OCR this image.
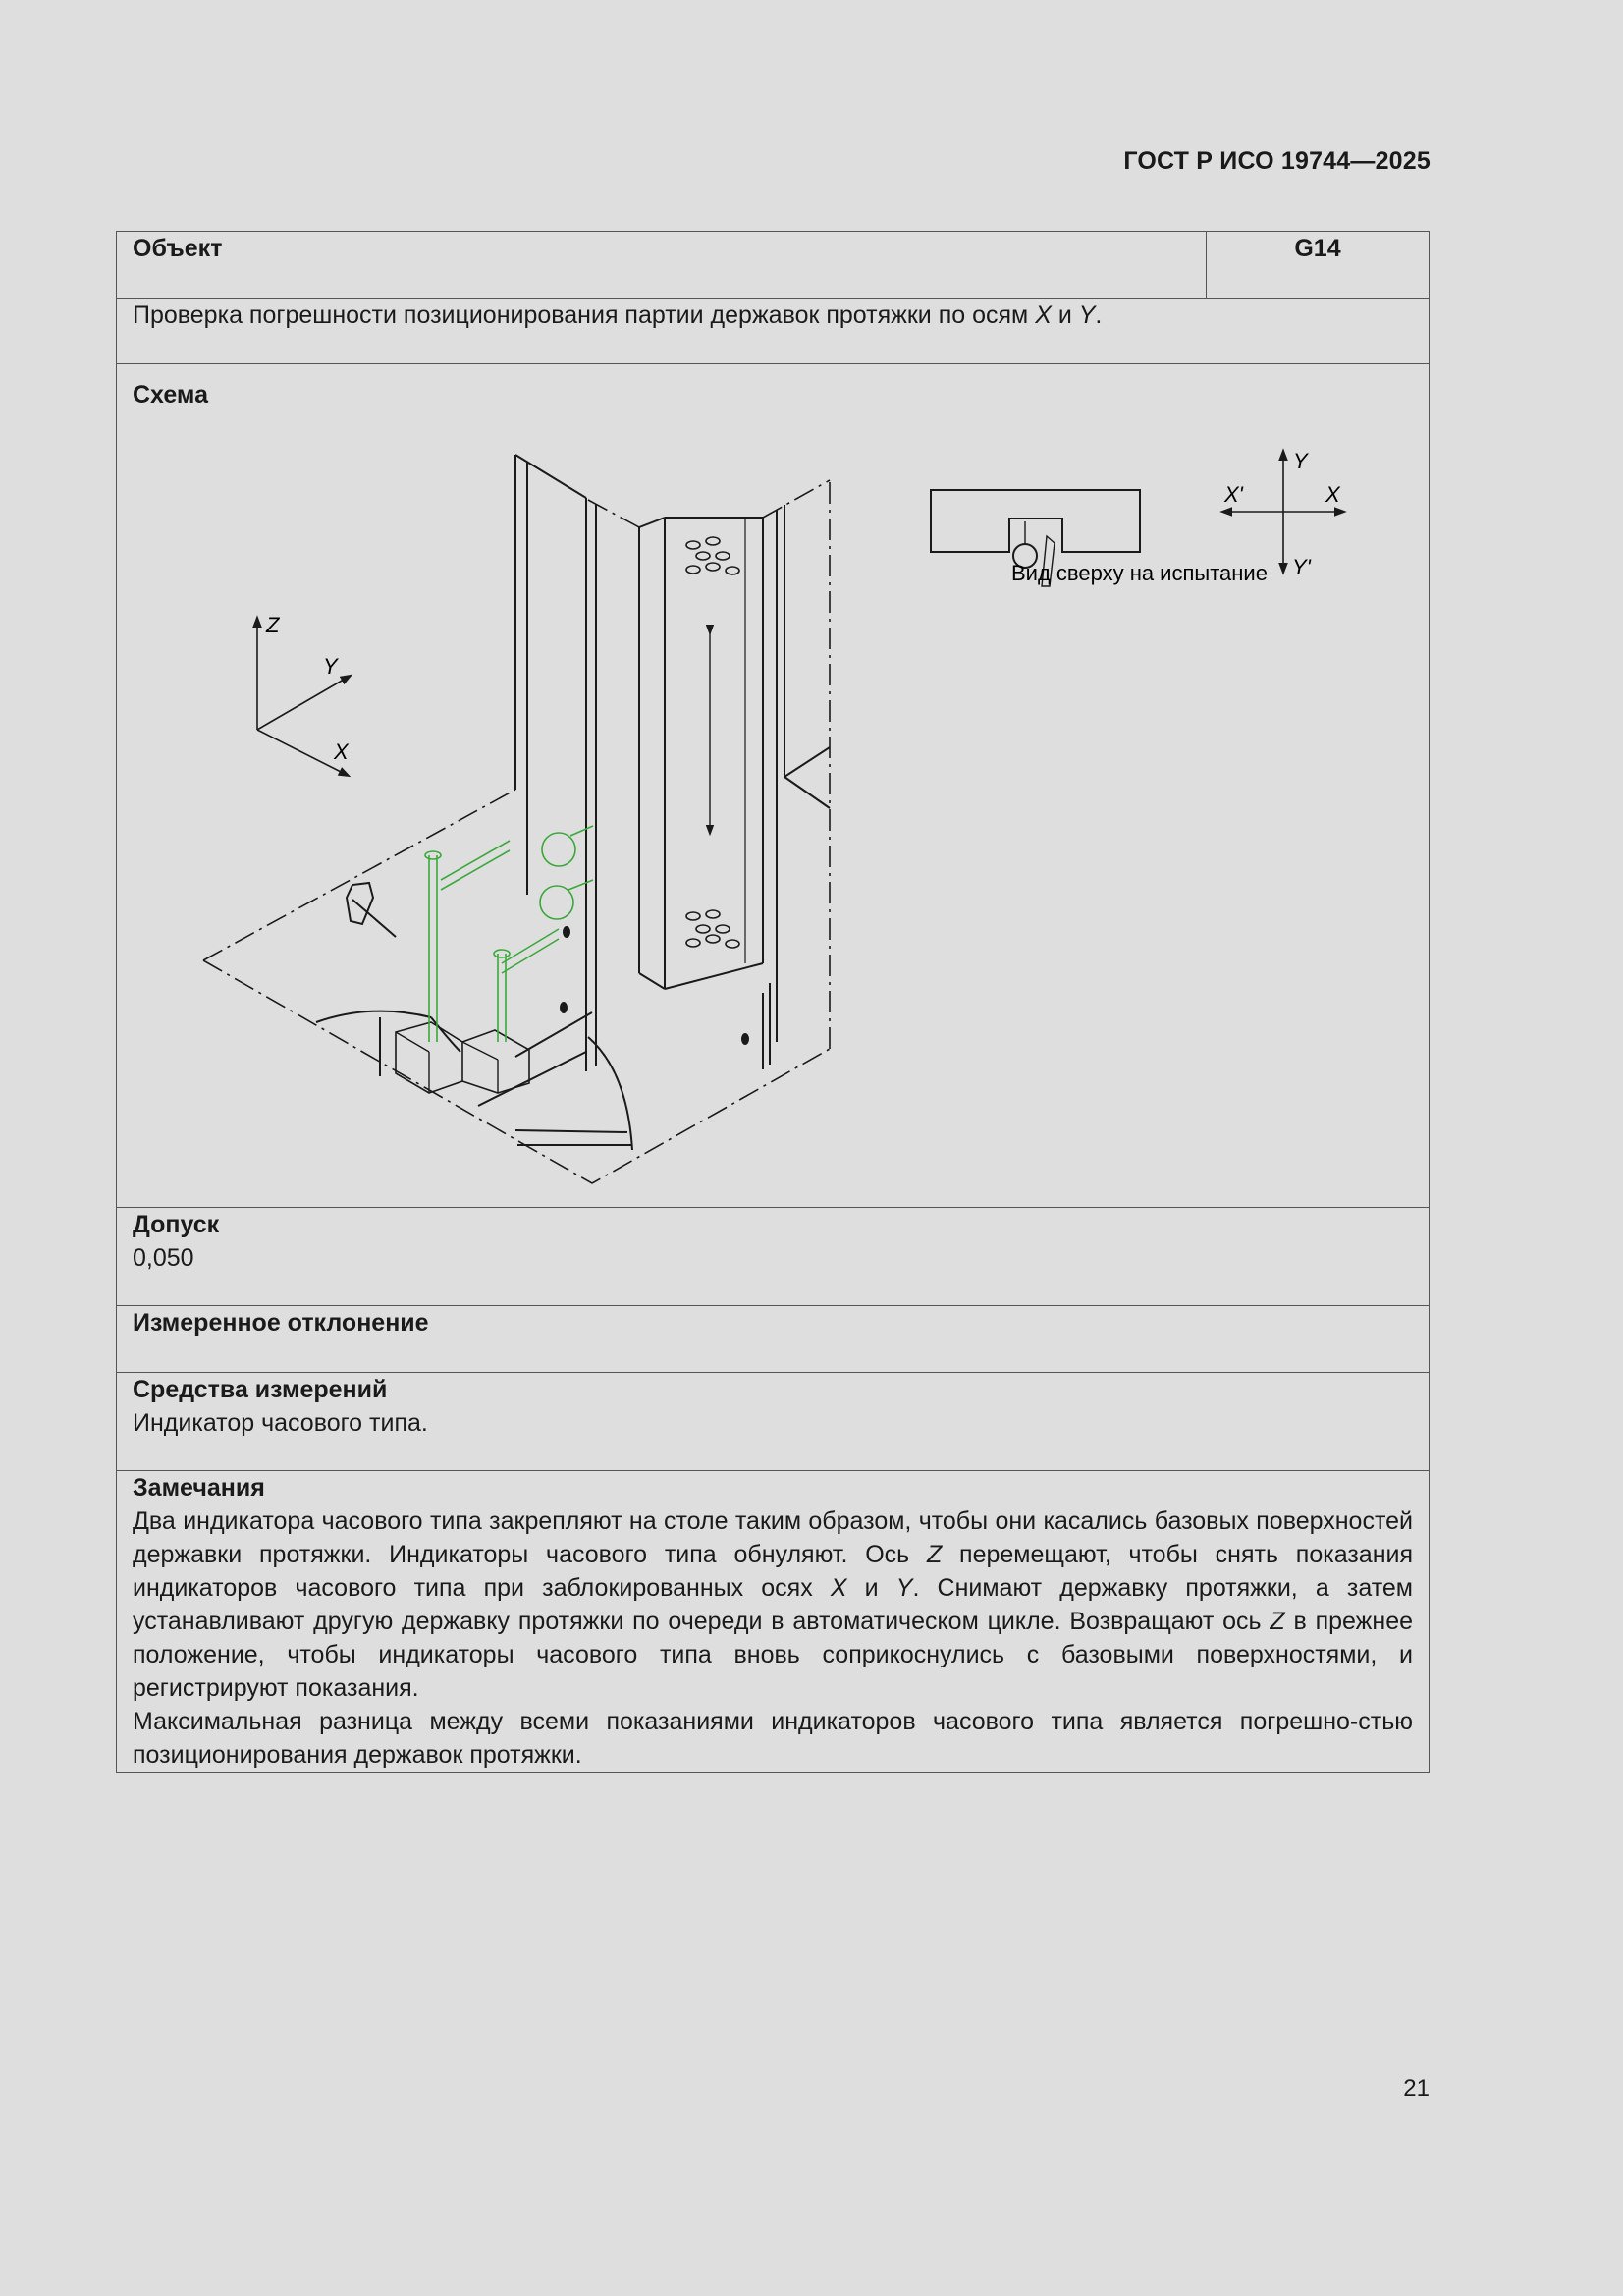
ГОСТ Р ИСО 19744—2025
Объект	G14
Проверка погрешности позиционирования партии державок протяжки по осям X и Y.

Схема
Z
Y
X
Вид сверху на испытание
Y
Y'
X
X'

Допуск
0,050

Измеренное отклонение

Средства измерений
Индикатор часового типа.

Замечания

Два индикатора часового типа закрепляют на столе таким образом, чтобы они касались базовых поверхностей державки протяжки. Индикаторы часового типа обнуляют. Ось Z перемещают, чтобы снять показания индикаторов часового типа при заблокированных осях X и Y. Снимают державку протяжки, а затем устанавливают другую державку протяжки по очереди в автоматическом цикле. Возвращают ось Z в прежнее положение, чтобы индикаторы часового типа вновь соприкоснулись с базовыми поверхностями, и регистрируют показания.

Максимальная разница между всеми показаниями индикаторов часового типа является погрешно-стью позиционирования державок протяжки.

21
